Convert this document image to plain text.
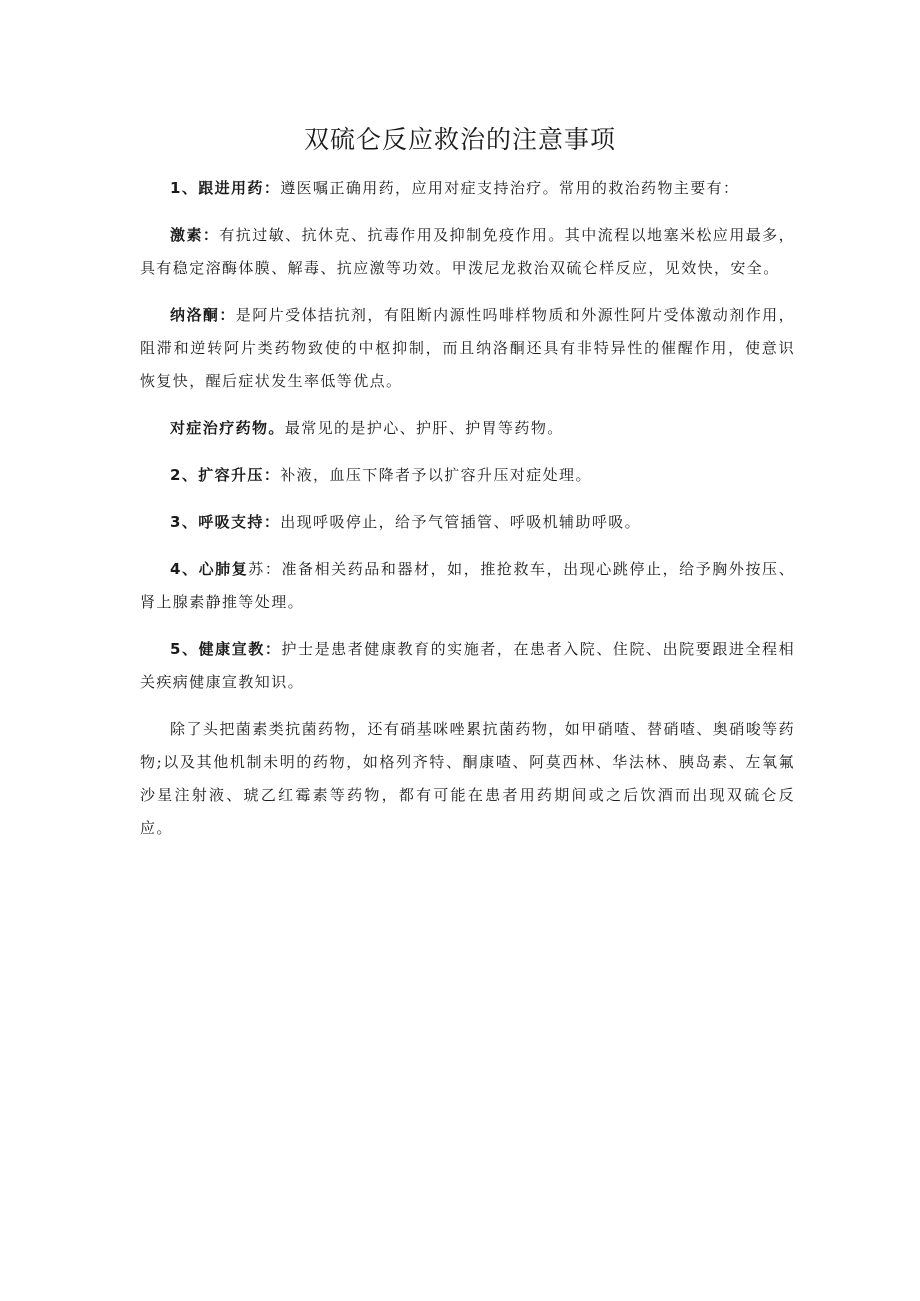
双硫仑反应救治的注意事项

1、跟进用药：遵医嘱正确用药，应用对症支持治疗。常用的救治药物主要有：

激素：有抗过敏、抗休克、抗毒作用及抑制免疫作用。其中流程以地塞米松应用最多，具有稳定溶酶体膜、解毒、抗应激等功效。甲泼尼龙救治双硫仑样反应，见效快，安全。

纳洛酮：是阿片受体拮抗剂，有阻断内源性吗啡样物质和外源性阿片受体激动剂作用，阻滞和逆转阿片类药物致使的中枢抑制，而且纳洛酮还具有非特异性的催醒作用，使意识恢复快，醒后症状发生率低等优点。

对症治疗药物。最常见的是护心、护肝、护胃等药物。

2、扩容升压：补液，血压下降者予以扩容升压对症处理。

3、呼吸支持：出现呼吸停止，给予气管插管、呼吸机辅助呼吸。

4、心肺复苏：准备相关药品和器材，如，推抢救车，出现心跳停止，给予胸外按压、肾上腺素静推等处理。

5、健康宣教：护士是患者健康教育的实施者，在患者入院、住院、出院要跟进全程相关疾病健康宣教知识。

除了头把菌素类抗菌药物，还有硝基咪唑累抗菌药物，如甲硝喳、替硝喳、奥硝唆等药物;以及其他机制未明的药物，如格列齐特、酮康喳、阿莫西林、华法林、胰岛素、左氧氟沙星注射液、琥乙红霉素等药物，都有可能在患者用药期间或之后饮酒而出现双硫仑反应。
